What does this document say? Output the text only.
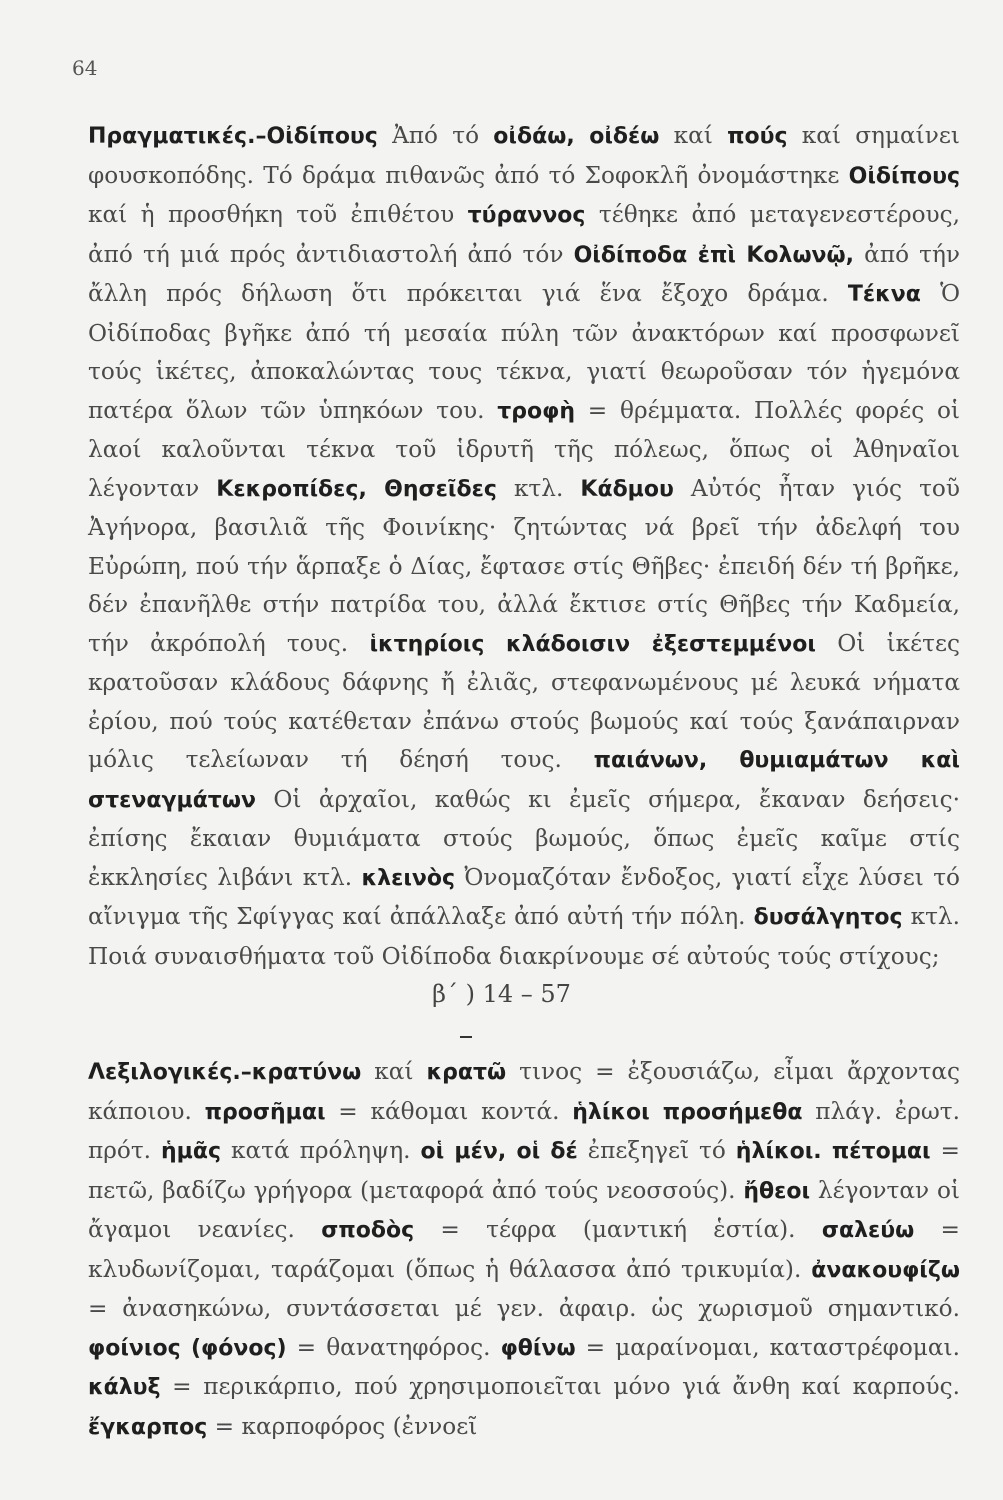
64

Πραγματικές.–Οἰδίπους Ἀπό τό οἰδάω, οἰδέω καί πούς καί σημαίνει φουσκοπόδης. Τό δράμα πιθανῶς ἀπό τό Σοφοκλῆ ὀνομάστηκε Οἰδίπους καί ἡ προσθήκη τοῦ ἐπιθέτου τύραννος τέθηκε ἀπό μεταγενεστέρους, ἀπό τή μιά πρός ἀντιδιαστολή ἀπό τόν Οἰδίποδα ἐπὶ Κολωνῷ, ἀπό τήν ἄλλη πρός δήλωση ὅτι πρόκειται γιά ἕνα ἔξοχο δράμα. Τέκνα Ὁ Οἰδίποδας βγῆκε ἀπό τή μεσαία πύλη τῶν ἀνακτόρων καί προσφωνεῖ τούς ἱκέτες, ἀποκαλώντας τους τέκνα, γιατί θεωροῦσαν τόν ἡγεμόνα πατέρα ὅλων τῶν ὑπηκόων του. τροφὴ = θρέμματα. Πολλές φορές οἱ λαοί καλοῦνται τέκνα τοῦ ἱδρυτῆ τῆς πόλεως, ὅπως οἱ Ἀθηναῖοι λέγονταν Κεκροπίδες, Θησεῖδες κτλ. Κάδμου Αὐτός ἦταν γιός τοῦ Ἀγήνορα, βασιλιᾶ τῆς Φοινίκης· ζητώντας νά βρεῖ τήν ἀδελφή του Εὐρώπη, πού τήν ἅρπαξε ὁ Δίας, ἔφτασε στίς Θῆβες· ἐπειδή δέν τή βρῆκε, δέν ἐπανῆλθε στήν πατρίδα του, ἀλλά ἔκτισε στίς Θῆβες τήν Καδμεία, τήν ἀκρόπολή τους. ἱκτηρίοις κλάδοισιν ἐξεστεμμένοι Οἱ ἱκέτες κρατοῦσαν κλάδους δάφνης ἤ ἐλιᾶς, στεφανωμένους μέ λευκά νήματα ἐρίου, πού τούς κατέθεταν ἐπάνω στούς βωμούς καί τούς ξανάπαιρναν μόλις τελείωναν τή δέησή τους. παιάνων, θυμιαμάτων καὶ στεναγμάτων Οἱ ἀρχαῖοι, καθώς κι ἐμεῖς σήμερα, ἔκαναν δεήσεις· ἐπίσης ἔκαιαν θυμιάματα στούς βωμούς, ὅπως ἐμεῖς καῖμε στίς ἐκκλησίες λιβάνι κτλ. κλεινὸς Ὀνομαζόταν ἔνδοξος, γιατί εἶχε λύσει τό αἴνιγμα τῆς Σφίγγας καί ἀπάλλαξε ἀπό αὐτή τήν πόλη. δυσάλγητος κτλ. Ποιά συναισθήματα τοῦ Οἰδίποδα διακρίνουμε σέ αὐτούς τούς στίχους;

β΄ ) 14 – 57

Λεξιλογικές.–κρατύνω καί κρατῶ τινος = ἐξουσιάζω, εἶμαι ἄρχοντας κάποιου. προσῆμαι = κάθομαι κοντά. ἡλίκοι προσήμεθα πλάγ. ἐρωτ. πρότ. ἡμᾶς κατά πρόληψη. οἱ μέν, οἱ δέ ἐπεξηγεῖ τό ἡλίκοι. πέτομαι = πετῶ, βαδίζω γρήγορα (μεταφορά ἀπό τούς νεοσσούς). ἤθεοι λέγονταν οἱ ἄγαμοι νεανίες. σποδὸς = τέφρα (μαντική ἑστία). σαλεύω = κλυδωνίζομαι, ταράζομαι (ὅπως ἡ θάλασσα ἀπό τρικυμία). ἀνακουφίζω = ἀνασηκώνω, συντάσσεται μέ γεν. ἀφαιρ. ὡς χωρισμοῦ σημαντικό. φοίνιος (φόνος) = θανατηφόρος. φθίνω = μαραίνομαι, καταστρέφομαι. κάλυξ = περικάρπιο, πού χρησιμοποιεῖται μόνο γιά ἄνθη καί καρπούς. ἔγκαρπος = καρποφόρος (ἐννοεῖ
